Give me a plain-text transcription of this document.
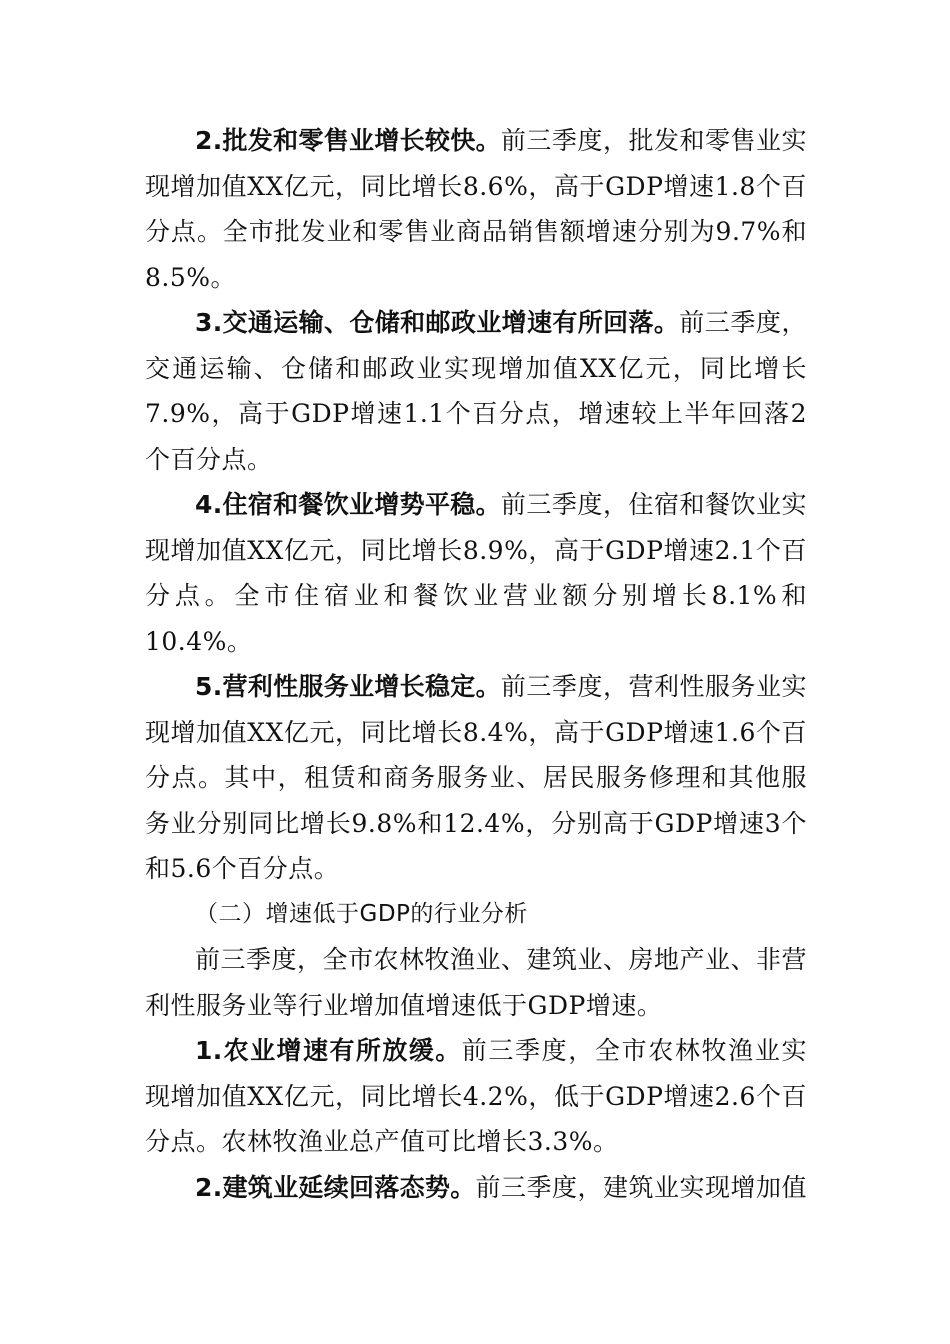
2.批发和零售业增长较快。前三季度，批发和零售业实现增加值XX亿元，同比增长8.6%，高于GDP增速1.8个百分点。全市批发业和零售业商品销售额增速分别为9.7%和8.5%。

3.交通运输、仓储和邮政业增速有所回落。前三季度，交通运输、仓储和邮政业实现增加值XX亿元，同比增长7.9%，高于GDP增速1.1个百分点，增速较上半年回落2个百分点。

4.住宿和餐饮业增势平稳。前三季度，住宿和餐饮业实现增加值XX亿元，同比增长8.9%，高于GDP增速2.1个百分点。全市住宿业和餐饮业营业额分别增长8.1%和10.4%。

5.营利性服务业增长稳定。前三季度，营利性服务业实现增加值XX亿元，同比增长8.4%，高于GDP增速1.6个百分点。其中，租赁和商务服务业、居民服务修理和其他服务业分别同比增长9.8%和12.4%，分别高于GDP增速3个和5.6个百分点。

（二）增速低于GDP的行业分析

前三季度，全市农林牧渔业、建筑业、房地产业、非营利性服务业等行业增加值增速低于GDP增速。

1.农业增速有所放缓。前三季度，全市农林牧渔业实现增加值XX亿元，同比增长4.2%，低于GDP增速2.6个百分点。农林牧渔业总产值可比增长3.3%。

2.建筑业延续回落态势。前三季度，建筑业实现增加值
